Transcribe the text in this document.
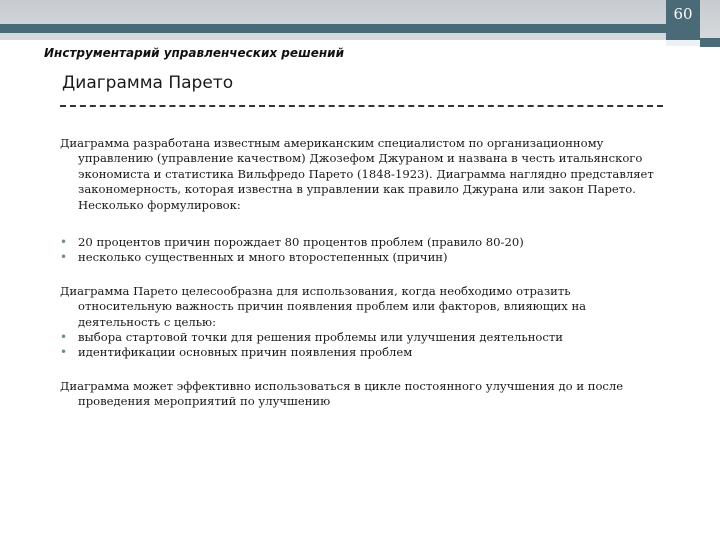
60
Инструментарий управленческих решений
Диаграмма Парето

Диаграмма разработана известным американским специалистом по организационному управлению (управление качеством) Джозефом Джураном и названа в честь итальянского экономиста и статистика Вильфредо Парето (1848-1923). Диаграмма наглядно представляет закономерность, которая известна в управлении как правило Джурана или закон Парето. Несколько формулировок:

• 20 процентов причин порождает 80 процентов проблем (правило 80-20)
• несколько существенных и много второстепенных (причин)

Диаграмма Парето целесообразна для использования, когда необходимо отразить относительную важность причин появления проблем или факторов, влияющих на деятельность с целью:

• выбора стартовой точки для решения проблемы или улучшения деятельности
• идентификации основных причин появления проблем

Диаграмма может эффективно использоваться в цикле постоянного улучшения до и после проведения мероприятий по улучшению
